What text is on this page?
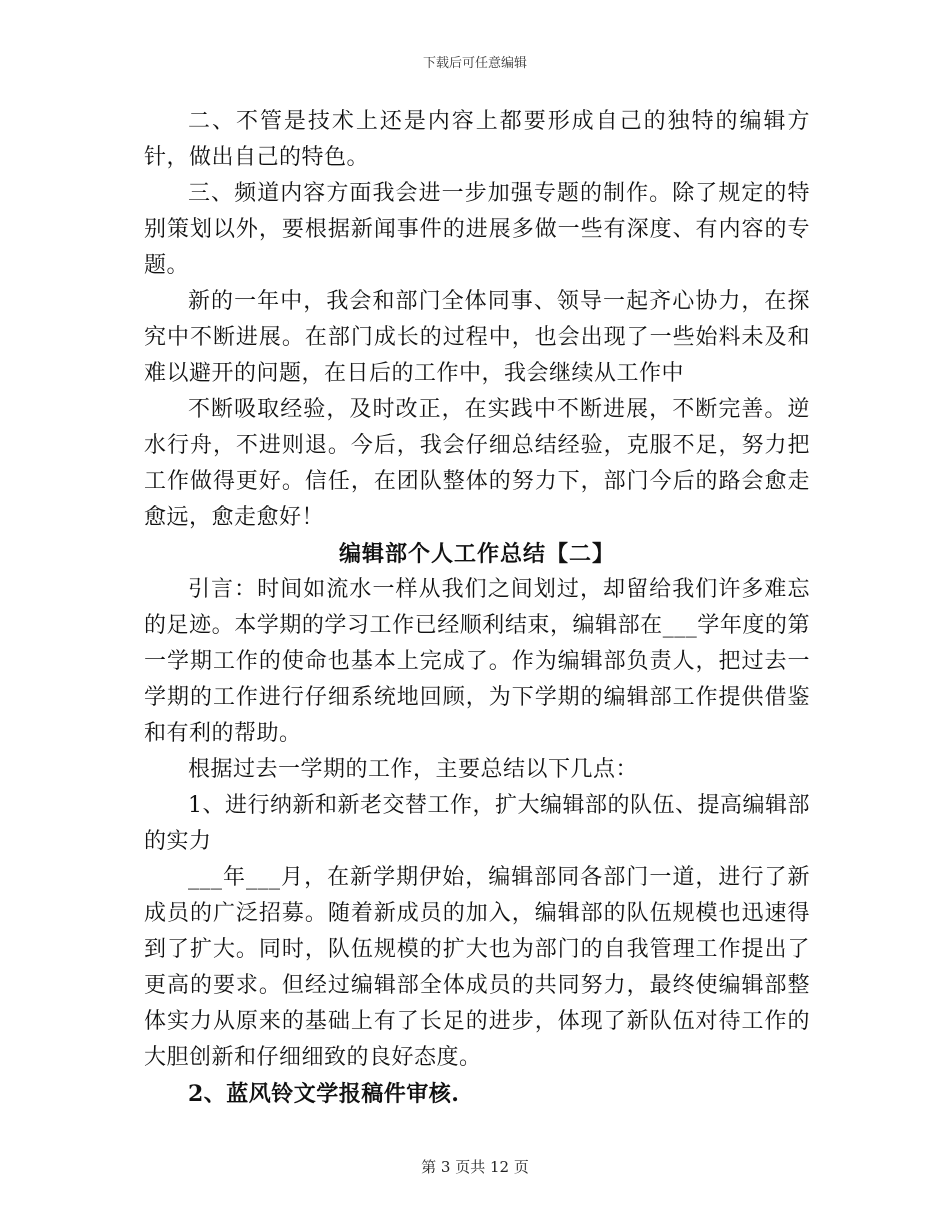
下载后可任意编辑

二、不管是技术上还是内容上都要形成自己的独特的编辑方针，做出自己的特色。

三、频道内容方面我会进一步加强专题的制作。除了规定的特别策划以外，要根据新闻事件的进展多做一些有深度、有内容的专题。

新的一年中，我会和部门全体同事、领导一起齐心协力，在探究中不断进展。在部门成长的过程中，也会出现了一些始料未及和难以避开的问题，在日后的工作中，我会继续从工作中

不断吸取经验，及时改正，在实践中不断进展，不断完善。逆水行舟，不进则退。今后，我会仔细总结经验，克服不足，努力把工作做得更好。信任，在团队整体的努力下，部门今后的路会愈走愈远，愈走愈好！

编辑部个人工作总结【二】

引言：时间如流水一样从我们之间划过，却留给我们许多难忘的足迹。本学期的学习工作已经顺利结束，编辑部在___学年度的第一学期工作的使命也基本上完成了。作为编辑部负责人，把过去一学期的工作进行仔细系统地回顾，为下学期的编辑部工作提供借鉴和有利的帮助。

根据过去一学期的工作，主要总结以下几点：

1、进行纳新和新老交替工作，扩大编辑部的队伍、提高编辑部的实力

___年___月，在新学期伊始，编辑部同各部门一道，进行了新成员的广泛招募。随着新成员的加入，编辑部的队伍规模也迅速得到了扩大。同时，队伍规模的扩大也为部门的自我管理工作提出了更高的要求。但经过编辑部全体成员的共同努力，最终使编辑部整体实力从原来的基础上有了长足的进步，体现了新队伍对待工作的大胆创新和仔细细致的良好态度。

2、蓝风铃文学报稿件审核.

第 3 页共 12 页
